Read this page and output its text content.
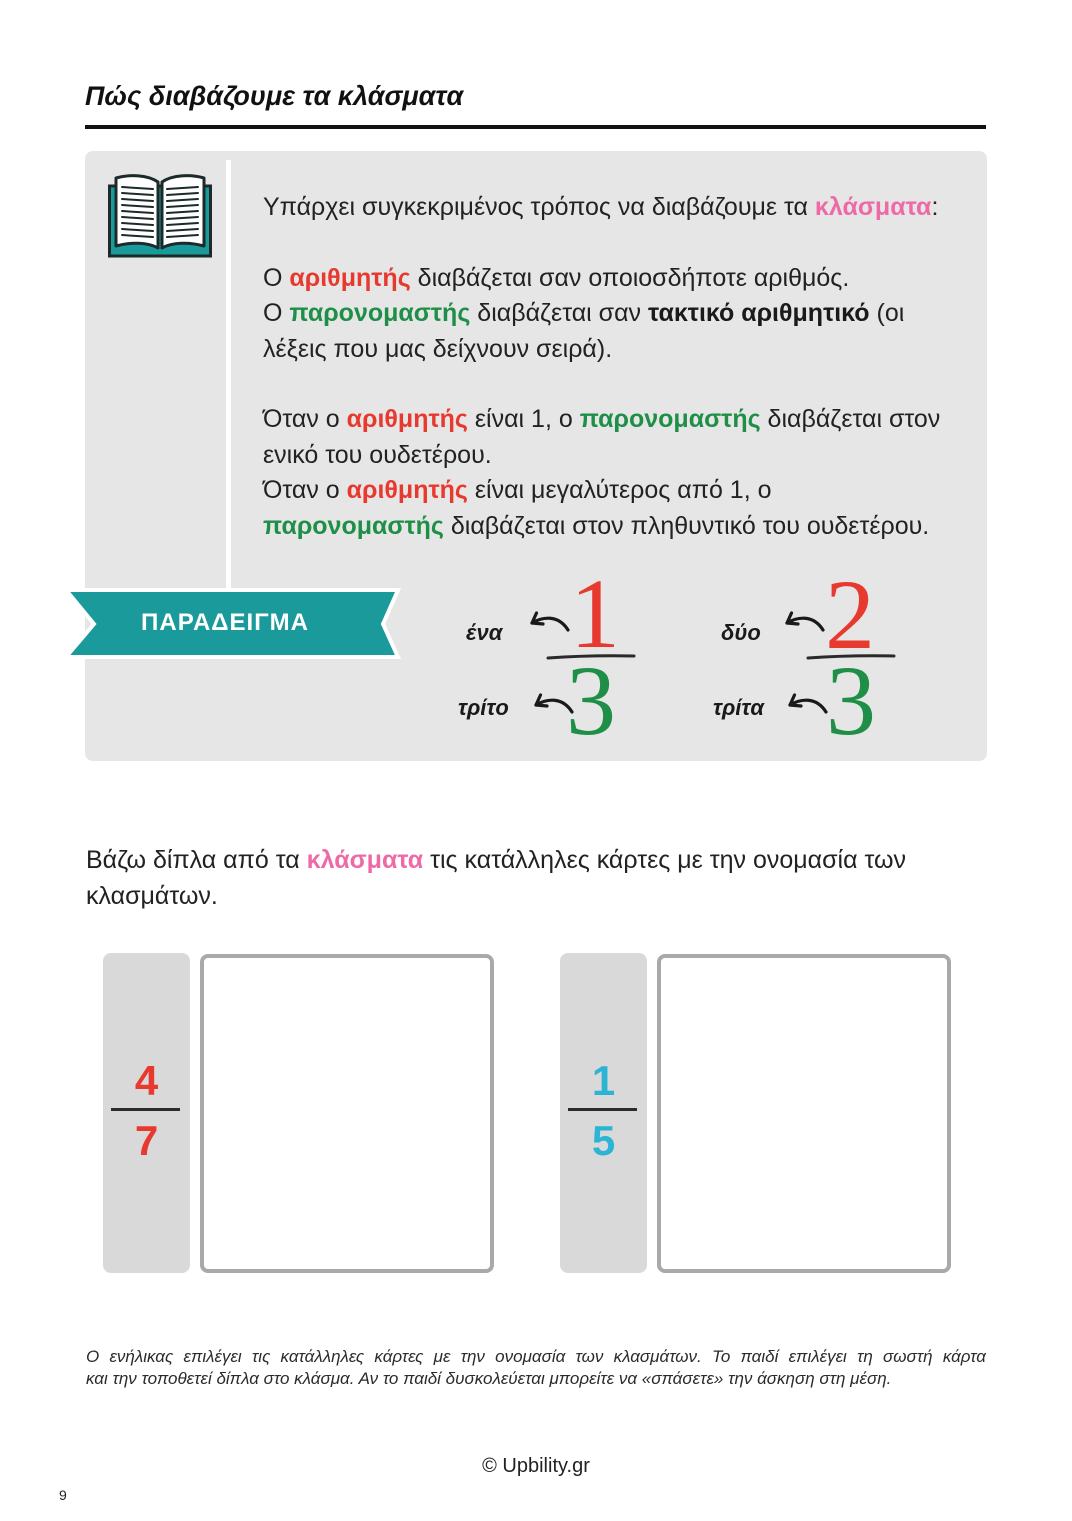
Πώς διαβάζουμε τα κλάσματα
Υπάρχει συγκεκριμένος τρόπος να διαβάζουμε τα κλάσματα:
Ο αριθμητής διαβάζεται σαν οποιοσδήποτε αριθμός.
Ο παρονομαστής διαβάζεται σαν τακτικό αριθμητικό (οι
λέξεις που μας δείχνουν σειρά).
Όταν ο αριθμητής είναι 1, ο παρονομαστής διαβάζεται στον
ενικό του ουδετέρου.
Όταν ο αριθμητής είναι μεγαλύτερος από 1, ο
παρονομαστής διαβάζεται στον πληθυντικό του ουδετέρου.
ΠΑΡΑΔΕΙΓΜΑ	ένα 1
τρίτο 3
δύο 2
τρίτα 3
Βάζω δίπλα από τα κλάσματα τις κατάλληλες κάρτες με την ονομασία των
κλασμάτων.
4
7
1
5
Ο ενήλικας επιλέγει τις κατάλληλες κάρτες με την ονομασία των κλασμάτων. Το παιδί επιλέγει τη σωστή κάρτα
και την τοποθετεί δίπλα στο κλάσμα. Αν το παιδί δυσκολεύεται μπορείτε να «σπάσετε» την άσκηση στη μέση.
© Upbility.gr
9
